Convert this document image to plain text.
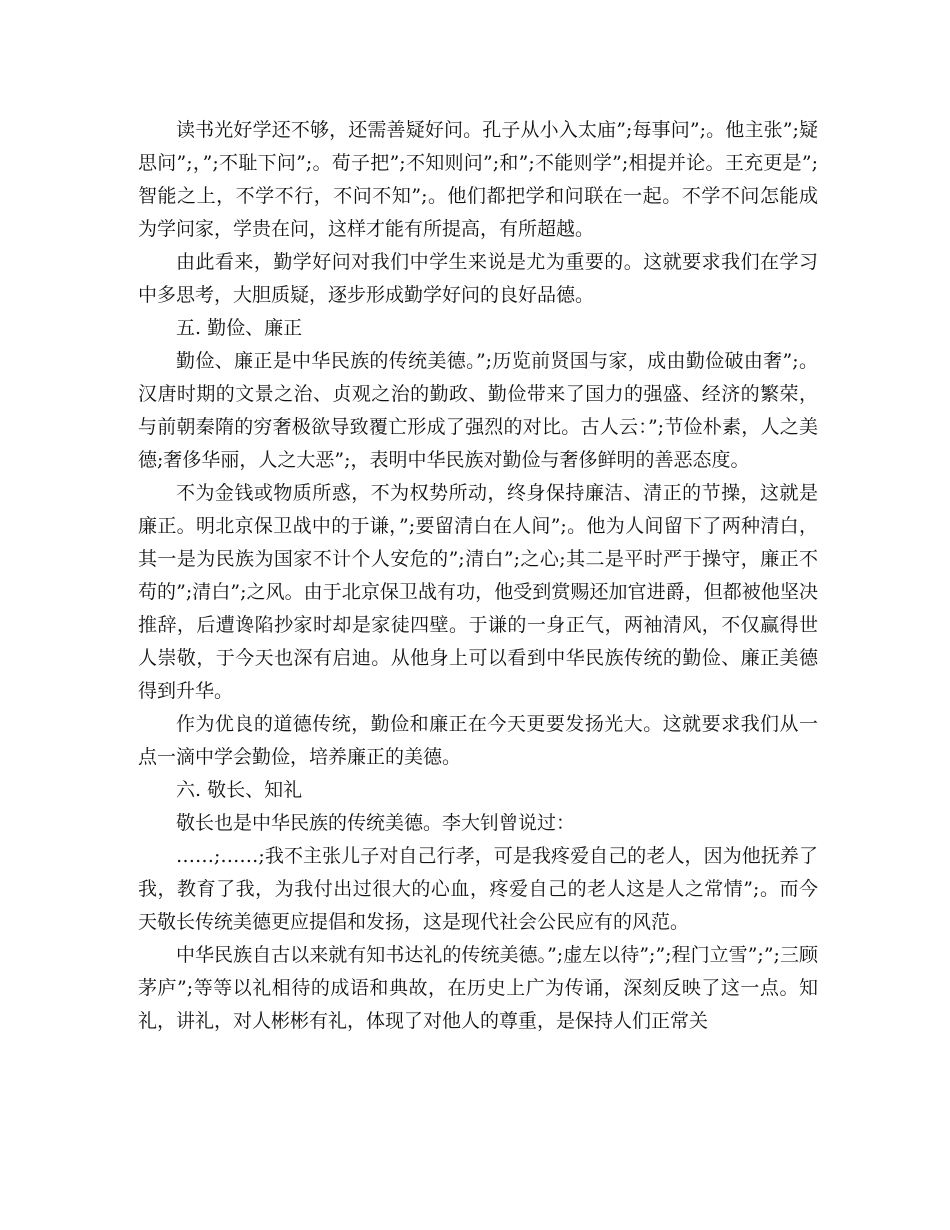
读书光好学还不够，还需善疑好问。孔子从小入太庙”;每事问”;。他主张”;疑思问”;，”;不耻下问”;。荀子把”;不知则问”;和”;不能则学”;相提并论。王充更是”;智能之上，不学不行，不问不知”;。他们都把学和问联在一起。不学不问怎能成为学问家，学贵在问，这样才能有所提高，有所超越。

由此看来，勤学好问对我们中学生来说是尤为重要的。这就要求我们在学习中多思考，大胆质疑，逐步形成勤学好问的良好品德。

五. 勤俭、廉正

勤俭、廉正是中华民族的传统美德。”;历览前贤国与家，成由勤俭破由奢”;。汉唐时期的文景之治、贞观之治的勤政、勤俭带来了国力的强盛、经济的繁荣，与前朝秦隋的穷奢极欲导致覆亡形成了强烈的对比。古人云：”;节俭朴素，人之美德;奢侈华丽，人之大恶”;，表明中华民族对勤俭与奢侈鲜明的善恶态度。

不为金钱或物质所惑，不为权势所动，终身保持廉洁、清正的节操，这就是廉正。明北京保卫战中的于谦，”;要留清白在人间”;。他为人间留下了两种清白，其一是为民族为国家不计个人安危的”;清白”;之心;其二是平时严于操守，廉正不苟的”;清白”;之风。由于北京保卫战有功，他受到赏赐还加官进爵，但都被他坚决推辞，后遭谗陷抄家时却是家徒四壁。于谦的一身正气，两袖清风，不仅赢得世人崇敬，于今天也深有启迪。从他身上可以看到中华民族传统的勤俭、廉正美德得到升华。

作为优良的道德传统，勤俭和廉正在今天更要发扬光大。这就要求我们从一点一滴中学会勤俭，培养廉正的美德。

六. 敬长、知礼

敬长也是中华民族的传统美德。李大钊曾说过：

……;……;我不主张儿子对自己行孝，可是我疼爱自己的老人，因为他抚养了我，教育了我，为我付出过很大的心血，疼爱自己的老人这是人之常情”;。而今天敬长传统美德更应提倡和发扬，这是现代社会公民应有的风范。

中华民族自古以来就有知书达礼的传统美德。”;虚左以待”;”;程门立雪”;”;三顾茅庐”;等等以礼相待的成语和典故，在历史上广为传诵，深刻反映了这一点。知礼，讲礼，对人彬彬有礼，体现了对他人的尊重，是保持人们正常关
